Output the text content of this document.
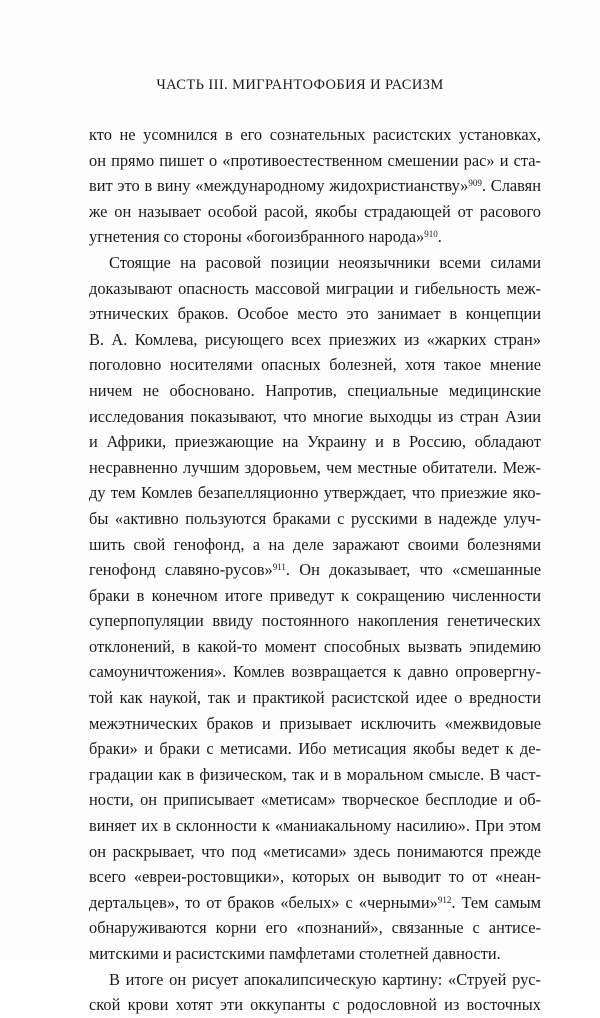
ЧАСТЬ III. МИГРАНТОФОБИЯ И РАСИЗМ
кто не усомнился в его сознательных расистских установках,
он прямо пишет о «противоестественном смешении рас» и ста-
вит это в вину «международному жидохристианству»$^{909}$. Славян
же он называет особой расой, якобы страдающей от расового
угнетения со стороны «богоизбранного народа»$^{910}$.
Стоящие на расовой позиции неоязычники всеми силами
доказывают опасность массовой миграции и гибельность меж-
этнических браков. Особое место это занимает в концепции
В. А. Комлева, рисующего всех приезжих из «жарких стран»
поголовно носителями опасных болезней, хотя такое мнение
ничем не обосновано. Напротив, специальные медицинские
исследования показывают, что многие выходцы из стран Азии
и Африки, приезжающие на Украину и в Россию, обладают
несравненно лучшим здоровьем, чем местные обитатели. Меж-
ду тем Комлев безапелляционно утверждает, что приезжие яко-
бы «активно пользуются браками с русскими в надежде улуч-
шить свой генофонд, а на деле заражают своими болезнями
генофонд славяно-русов»$^{911}$. Он доказывает, что «смешанные
браки в конечном итоге приведут к сокращению численности
суперпопуляции ввиду постоянного накопления генетических
отклонений, в какой-то момент способных вызвать эпидемию
самоуничтожения». Комлев возвращается к давно опровергну-
той как наукой, так и практикой расистской идее о вредности
межэтнических браков и призывает исключить «межвидовые
браки» и браки с метисами. Ибо метисация якобы ведет к де-
градации как в физическом, так и в моральном смысле. В част-
ности, он приписывает «метисам» творческое бесплодие и об-
виняет их в склонности к «маниакальному насилию». При этом
он раскрывает, что под «метисами» здесь понимаются прежде
всего «евреи-ростовщики», которых он выводит то от «неан-
дертальцев», то от браков «белых» с «черными»$^{912}$. Тем самым
обнаруживаются корни его «познаний», связанные с антисе-
митскими и расистскими памфлетами столетней давности.
В итоге он рисует апокалипсическую картину: «Струей рус-
ской крови хотят эти оккупанты с родословной из восточных
